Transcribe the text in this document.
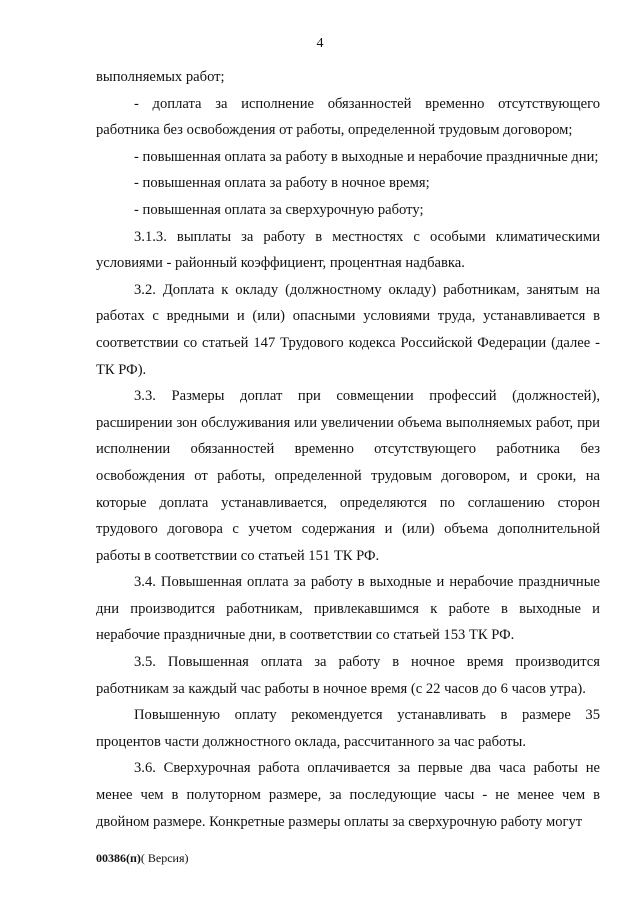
4

выполняемых работ;

- доплата за исполнение обязанностей временно отсутствующего работника без освобождения от работы, определенной трудовым договором;

- повышенная оплата за работу в выходные и нерабочие праздничные дни;

- повышенная оплата за работу в ночное время;

- повышенная оплата за сверхурочную работу;

3.1.3. выплаты за работу в местностях с особыми климатическими условиями - районный коэффициент, процентная надбавка.

3.2. Доплата к окладу (должностному окладу) работникам, занятым на работах с вредными и (или) опасными условиями труда, устанавливается в соответствии со статьей 147 Трудового кодекса Российской Федерации (далее - ТК РФ).

3.3. Размеры доплат при совмещении профессий (должностей), расширении зон обслуживания или увеличении объема выполняемых работ, при исполнении обязанностей временно отсутствующего работника без освобождения от работы, определенной трудовым договором, и сроки, на которые доплата устанавливается, определяются по соглашению сторон трудового договора с учетом содержания и (или) объема дополнительной работы в соответствии со статьей 151 ТК РФ.

3.4. Повышенная оплата за работу в выходные и нерабочие праздничные дни производится работникам, привлекавшимся к работе в выходные и нерабочие праздничные дни, в соответствии со статьей 153 ТК РФ.

3.5. Повышенная оплата за работу в ночное время производится работникам за каждый час работы в ночное время (с 22 часов до 6 часов утра).

Повышенную оплату рекомендуется устанавливать в размере 35 процентов части должностного оклада, рассчитанного за час работы.

3.6. Сверхурочная работа оплачивается за первые два часа работы не менее чем в полуторном размере, за последующие часы - не менее чем в двойном размере. Конкретные размеры оплаты за сверхурочную работу могут

00386(п)( Версия)
